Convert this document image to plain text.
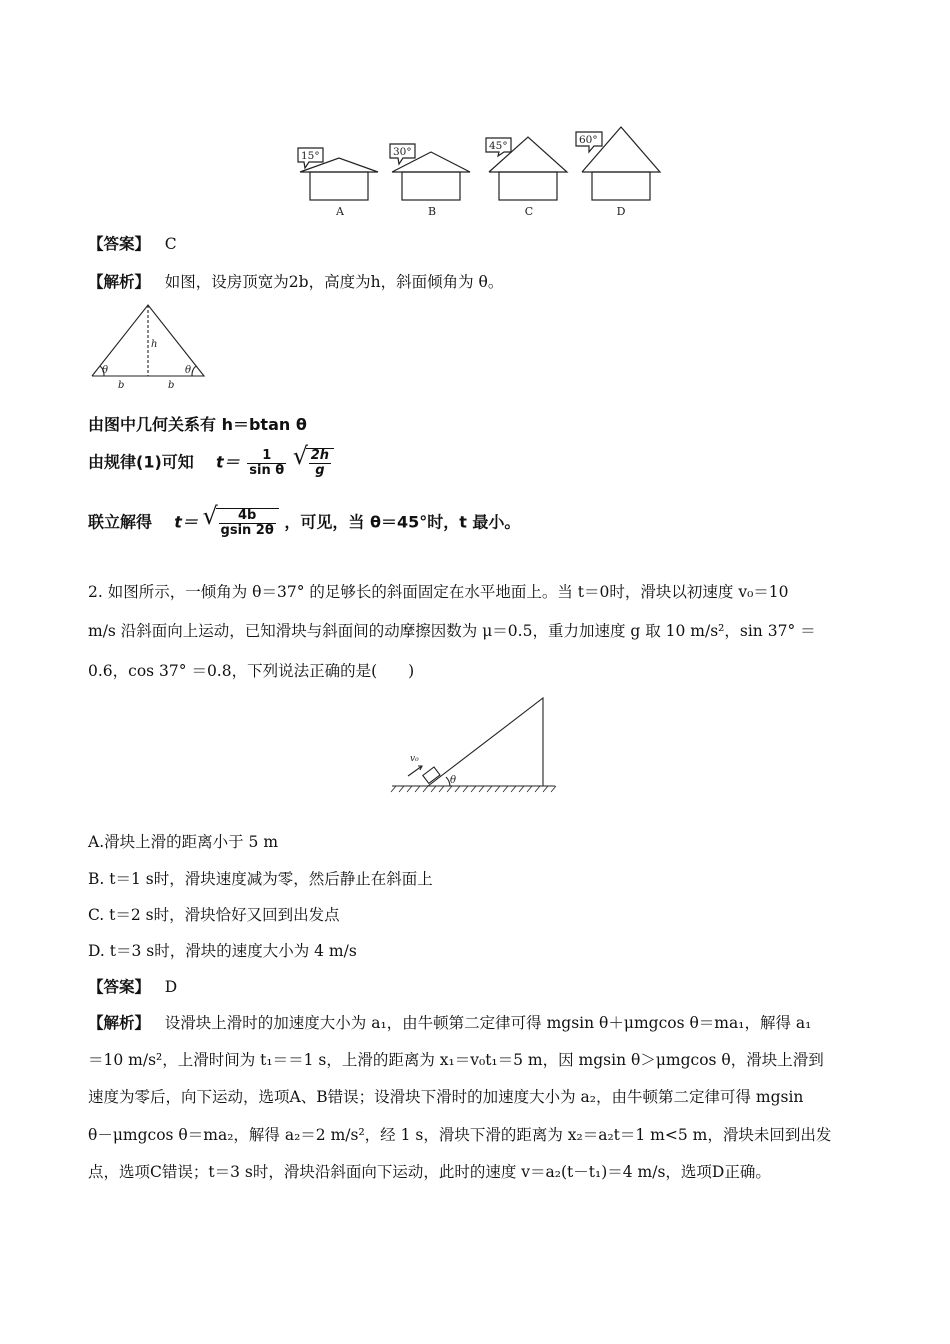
15°	30°	45°	60°
A	B	C	D
【答案】 C
【解析】 如图，设房顶宽为2b，高度为h，斜面倾角为 θ。
h
θ	θ
b	b
由图中几何关系有 h＝btan θ
由规律(1)可知 $t= \frac{1}{\text{sin θ}}$
√ $\frac{2h}{g}$
联立解得 t＝ √ $\frac{4b}{gsin 2\theta}$ ，可见，当 θ＝45°时，t 最小。
2. 如图所示，一倾角为 θ＝37° 的足够长的斜面固定在水平地面上。当 t＝0时，滑块以初速度 v₀＝10
m/s 沿斜面向上运动，已知滑块与斜面间的动摩擦因数为 μ＝0.5，重力加速度 g 取 10 m/s²，sin 37° ＝
0.6，cos 37° ＝0.8，下列说法正确的是(　　)
v₀
θ
A.滑块上滑的距离小于 5 m
B. t＝1 s时，滑块速度减为零，然后静止在斜面上
C. t＝2 s时，滑块恰好又回到出发点
D. t＝3 s时，滑块的速度大小为 4 m/s
【答案】 D
【解析】 设滑块上滑时的加速度大小为 a₁，由牛顿第二定律可得 mgsin θ＋μmgcos θ＝ma₁，解得 a₁
＝10 m/s²，上滑时间为 t₁＝＝1 s，上滑的距离为 x₁＝v₀t₁＝5 m，因 mgsin θ＞μmgcos θ，滑块上滑到
速度为零后，向下运动，选项A、B错误；设滑块下滑时的加速度大小为 a₂，由牛顿第二定律可得 mgsin
θ－μmgcos θ＝ma₂，解得 a₂＝2 m/s²，经 1 s，滑块下滑的距离为 x₂＝a₂t＝1 m<5 m，滑块未回到出发
点，选项C错误；t＝3 s时，滑块沿斜面向下运动，此时的速度 v＝a₂(t－t₁)＝4 m/s，选项D正确。
